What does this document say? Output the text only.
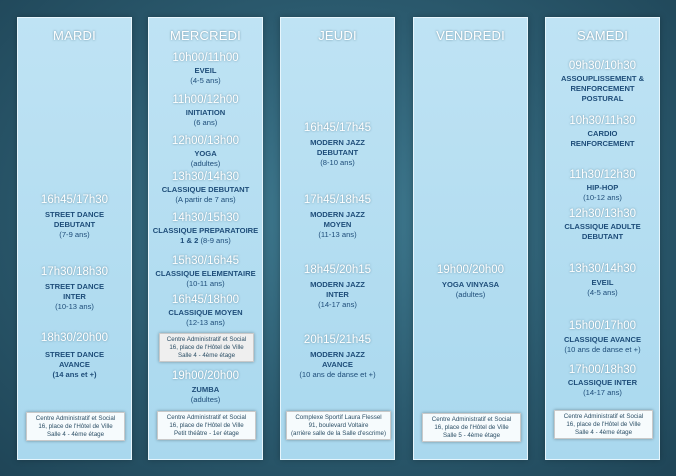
MARDI
16h45/17h30
STREET DANCE
DEBUTANT
(7-9 ans)
17h30/18h30
STREET DANCE
INTER
(10-13 ans)
18h30/20h00
STREET DANCE
AVANCE
(14 ans et +)
Centre Administratif et Social
16, place de l'Hôtel de Ville
Salle 4 - 4ème étage
MERCREDI
10h00/11h00
EVEIL
(4-5 ans)
11h00/12h00
INITIATION
(6 ans)
12h00/13h00
YOGA
(adultes)
13h30/14h30
CLASSIQUE DEBUTANT
(A partir de 7 ans)
14h30/15h30
CLASSIQUE PREPARATOIRE
1 & 2 (8-9 ans)
15h30/16h45
CLASSIQUE ELEMENTAIRE
(10-11 ans)
16h45/18h00
CLASSIQUE MOYEN
(12-13 ans)
Centre Administratif et Social
16, place de l'Hôtel de Ville
Salle 4 - 4ème étage
19h00/20h00
ZUMBA
(adultes)
Centre Administratif et Social
16, place de l'Hôtel de Ville
Petit théâtre - 1er étage
JEUDI
16h45/17h45
MODERN JAZZ
DEBUTANT
(8-10 ans)
17h45/18h45
MODERN JAZZ
MOYEN
(11-13 ans)
18h45/20h15
MODERN JAZZ
INTER
(14-17 ans)
20h15/21h45
MODERN JAZZ
AVANCE
(10 ans de danse et +)
Complexe Sportif Laura Flessel
91, boulevard Voltaire
(arrière salle de la Salle d'escrime)
VENDREDI
19h00/20h00
YOGA VINYASA
(adultes)
Centre Administratif et Social
16, place de l'Hôtel de Ville
Salle 5 - 4ème étage
SAMEDI
09h30/10h30
ASSOUPLISSEMENT &
RENFORCEMENT
POSTURAL
10h30/11h30
CARDIO
RENFORCEMENT
11h30/12h30
HIP-HOP
(10-12 ans)
12h30/13h30
CLASSIQUE ADULTE
DEBUTANT
13h30/14h30
EVEIL
(4-5 ans)
15h00/17h00
CLASSIQUE AVANCE
(10 ans de danse et +)
17h00/18h30
CLASSIQUE INTER
(14-17 ans)
Centre Administratif et Social
16, place de l'Hôtel de Ville
Salle 4 - 4ème étage
